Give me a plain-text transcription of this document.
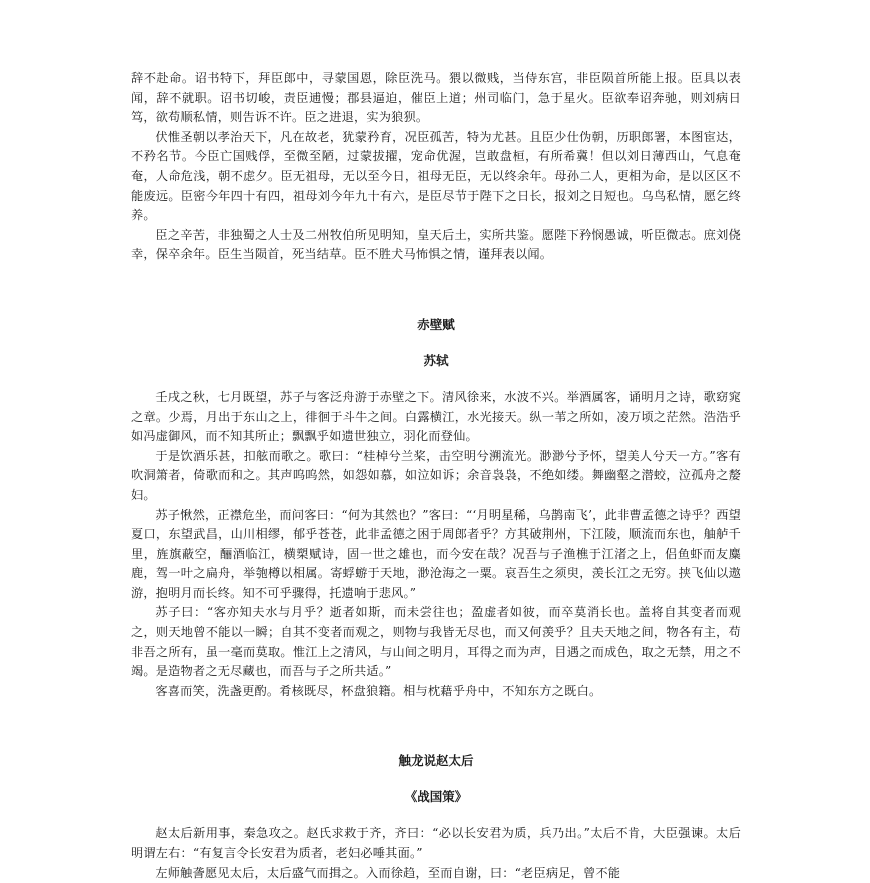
辞不赴命。诏书特下，拜臣郎中，寻蒙国恩，除臣洗马。猥以微贱，当侍东宫，非臣陨首所能上报。臣具以表闻，辞不就职。诏书切峻，责臣逋慢；郡县逼迫，催臣上道；州司临门，急于星火。臣欲奉诏奔驰，则刘病日笃，欲苟顺私情，则告诉不许。臣之进退，实为狼狈。

伏惟圣朝以孝治天下，凡在故老，犹蒙矜育，况臣孤苦，特为尤甚。且臣少仕伪朝，历职郎署，本图宦达，不矜名节。今臣亡国贱俘，至微至陋，过蒙拔擢，宠命优渥，岂敢盘桓，有所希冀！但以刘日薄西山，气息奄奄，人命危浅，朝不虑夕。臣无祖母，无以至今日，祖母无臣，无以终余年。母孙二人，更相为命，是以区区不能废远。臣密今年四十有四，祖母刘今年九十有六，是臣尽节于陛下之日长，报刘之日短也。乌鸟私情，愿乞终养。

臣之辛苦，非独蜀之人士及二州牧伯所见明知，皇天后土，实所共鉴。愿陛下矜悯愚诚，听臣微志。庶刘侥幸，保卒余年。臣生当陨首，死当结草。臣不胜犬马怖惧之情，谨拜表以闻。

赤壁赋
苏轼

壬戌之秋，七月既望，苏子与客泛舟游于赤壁之下。清风徐来，水波不兴。举酒属客，诵明月之诗，歌窈窕之章。少焉，月出于东山之上，徘徊于斗牛之间。白露横江，水光接天。纵一苇之所如，凌万顷之茫然。浩浩乎如冯虚御风，而不知其所止；飘飘乎如遗世独立，羽化而登仙。

于是饮酒乐甚，扣舷而歌之。歌曰：“桂棹兮兰桨，击空明兮溯流光。渺渺兮予怀，望美人兮天一方。”客有吹洞箫者，倚歌而和之。其声呜呜然，如怨如慕，如泣如诉；余音袅袅，不绝如缕。舞幽壑之潜蛟，泣孤舟之嫠妇。

苏子愀然，正襟危坐，而问客曰：“何为其然也？”客曰：“‘月明星稀，乌鹊南飞’，此非曹孟德之诗乎？西望夏口，东望武昌，山川相缪，郁乎苍苍，此非孟德之困于周郎者乎？方其破荆州，下江陵，顺流而东也，舳舻千里，旌旗蔽空，酾酒临江，横槊赋诗，固一世之雄也，而今安在哉？况吾与子渔樵于江渚之上，侣鱼虾而友麋鹿，驾一叶之扁舟，举匏樽以相属。寄蜉蝣于天地，渺沧海之一粟。哀吾生之须臾，羡长江之无穷。挟飞仙以遨游，抱明月而长终。知不可乎骤得，托遗响于悲风。”

苏子曰：“客亦知夫水与月乎？逝者如斯，而未尝往也；盈虚者如彼，而卒莫消长也。盖将自其变者而观之，则天地曾不能以一瞬；自其不变者而观之，则物与我皆无尽也，而又何羡乎？且夫天地之间，物各有主，苟非吾之所有，虽一毫而莫取。惟江上之清风，与山间之明月，耳得之而为声，目遇之而成色，取之无禁，用之不竭。是造物者之无尽藏也，而吾与子之所共适。”

客喜而笑，洗盏更酌。肴核既尽，杯盘狼籍。相与枕藉乎舟中，不知东方之既白。

触龙说赵太后
《战国策》

赵太后新用事，秦急攻之。赵氏求救于齐，齐曰：“必以长安君为质，兵乃出。”太后不肯，大臣强谏。太后明谓左右：“有复言令长安君为质者，老妇必唾其面。”

左师触詟愿见太后，太后盛气而揖之。入而徐趋，至而自谢，曰：“老臣病足，曾不能
